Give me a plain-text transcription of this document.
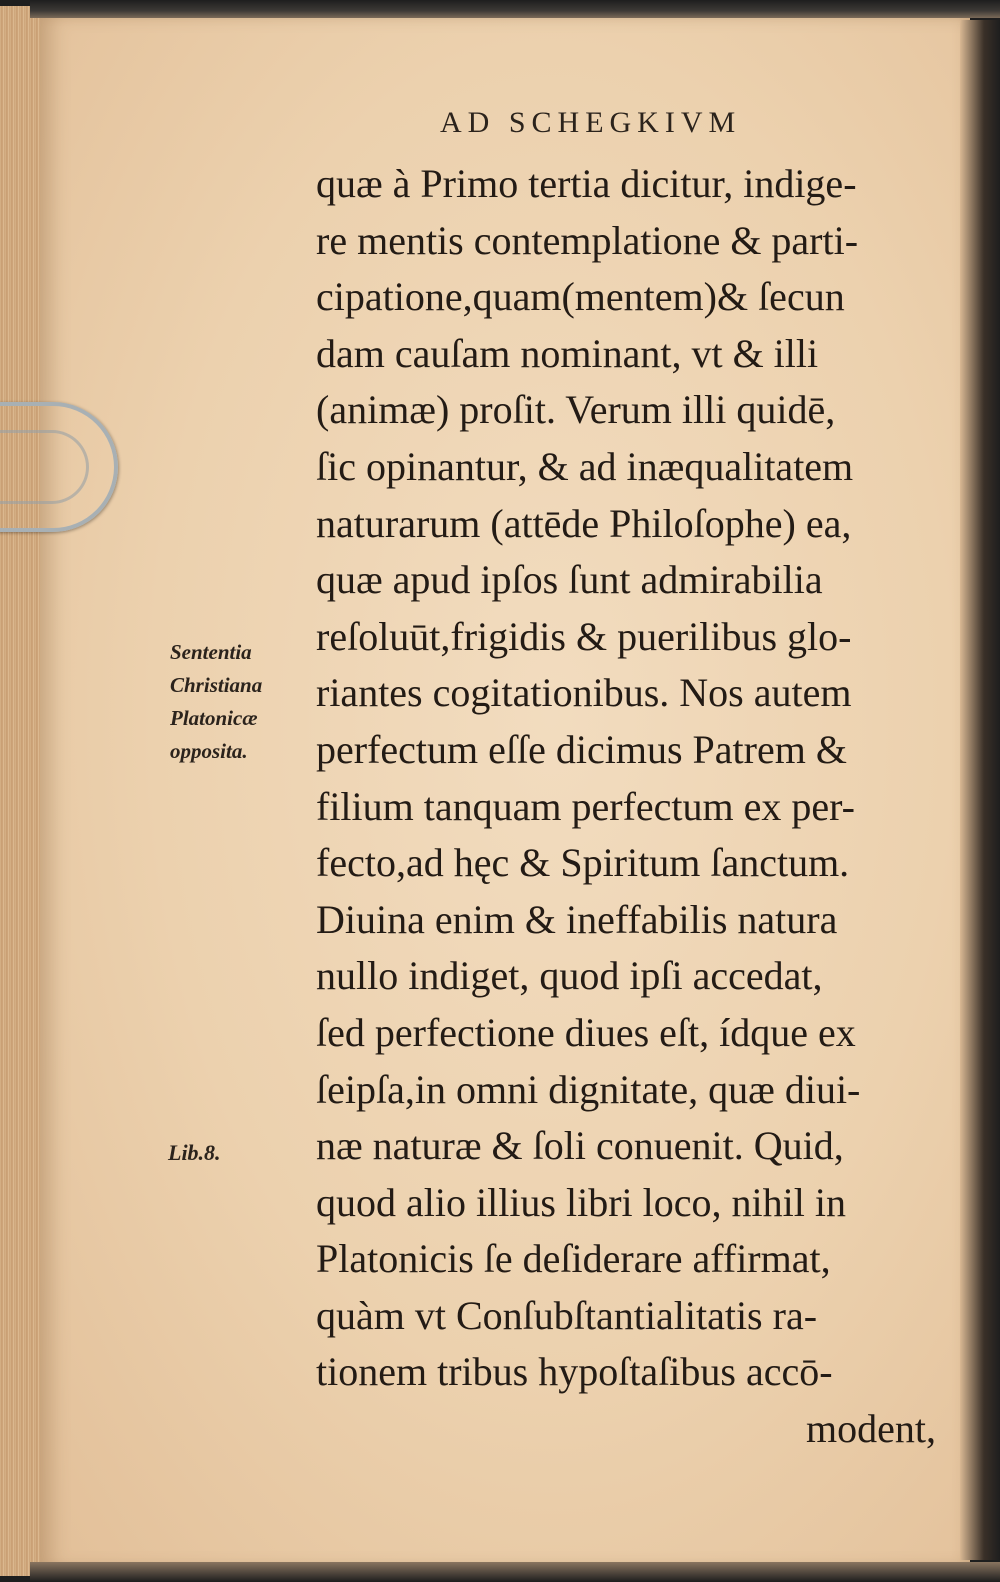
AD SCHEGKIVM
Sententia
Christiana
Platonicæ
opposita.
Lib.8.
quæ à Primo tertia dicitur, indige-
re mentis contemplatione & parti-
cipatione,quam(mentem)& ſecun
dam cauſam nominant, vt & illi
(animæ) proſit. Verum illi quidē,
ſic opinantur, & ad inæqualitatem
naturarum (attēde Philoſophe) ea,
quæ apud ipſos ſunt admirabilia
reſoluūt,frigidis & puerilibus glo-
riantes cogitationibus. Nos autem
perfectum eſſe dicimus Patrem &
filium tanquam perfectum ex per-
fecto,ad hęc & Spiritum ſanctum.
Diuina enim & ineffabilis natura
nullo indiget, quod ipſi accedat,
ſed perfectione diues eſt, ídque ex
ſeipſa,in omni dignitate, quæ diui-
næ naturæ & ſoli conuenit. Quid,
quod alio illius libri loco, nihil in
Platonicis ſe deſiderare affirmat,
quàm vt Conſubſtantialitatis ra-
tionem tribus hypoſtaſibus accō-
modent,
